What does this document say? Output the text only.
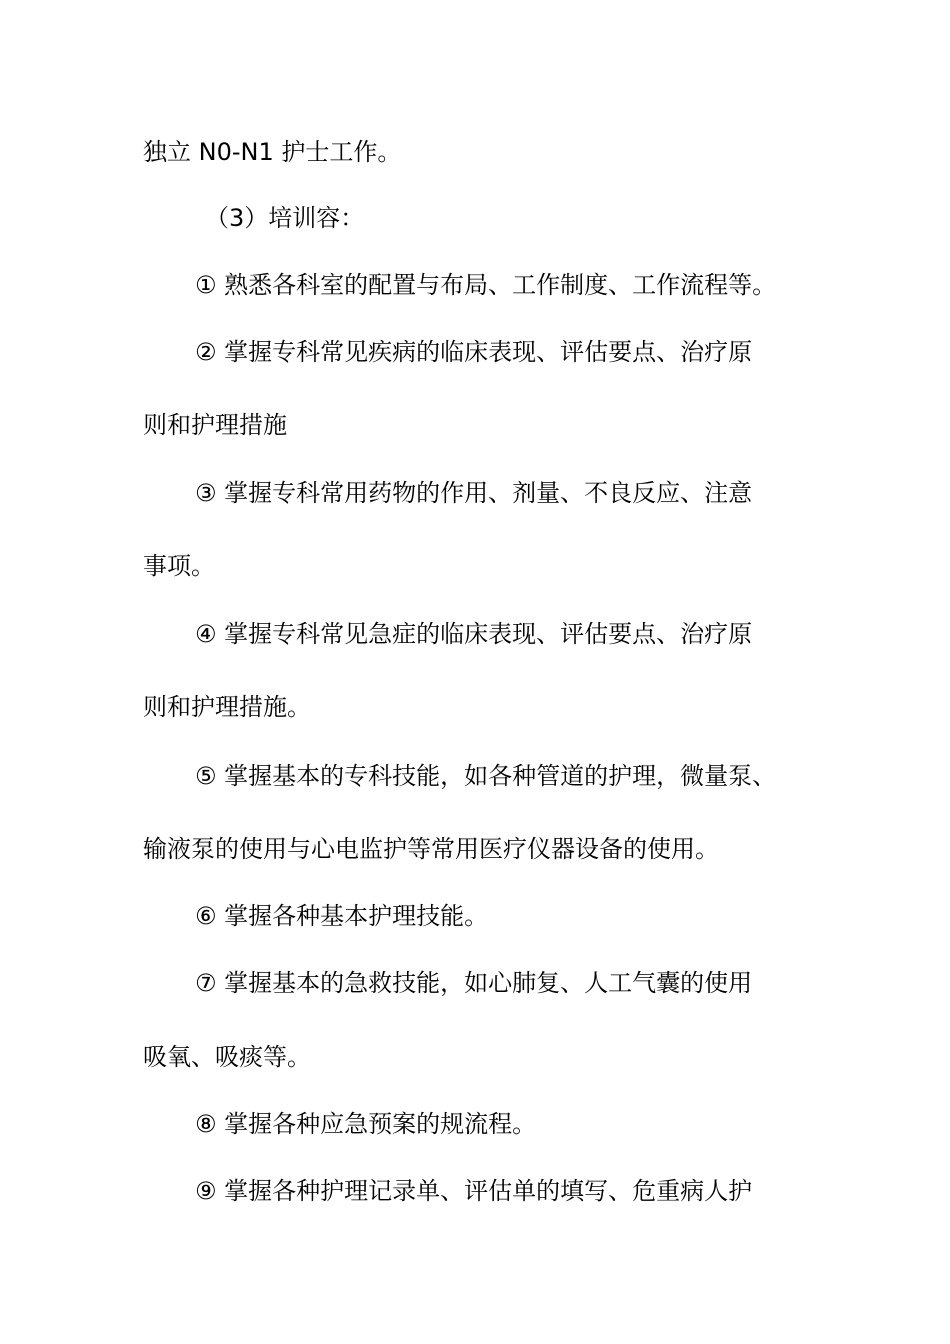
独立 N0-N1 护士工作。
（3）培训容：
① 熟悉各科室的配置与布局、工作制度、工作流程等。
② 掌握专科常见疾病的临床表现、评估要点、治疗原
则和护理措施
③ 掌握专科常用药物的作用、剂量、不良反应、注意
事项。
④ 掌握专科常见急症的临床表现、评估要点、治疗原
则和护理措施。
⑤ 掌握基本的专科技能，如各种管道的护理，微量泵、
输液泵的使用与心电监护等常用医疗仪器设备的使用。
⑥ 掌握各种基本护理技能。
⑦ 掌握基本的急救技能，如心肺复、人工气囊的使用
吸氧、吸痰等。
⑧ 掌握各种应急预案的规流程。
⑨ 掌握各种护理记录单、评估单的填写、危重病人护
